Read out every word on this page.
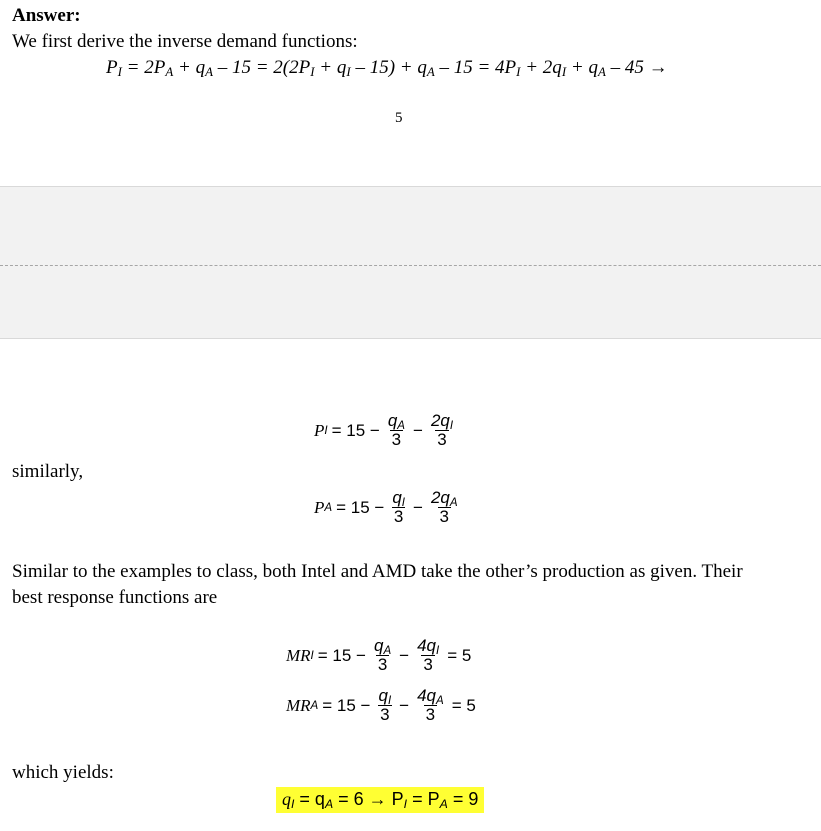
Answer:
We first derive the inverse demand functions:
$P_I = 2P_A + q_A - 15 = 2(2P_I + q_I - 15) + q_A - 15 = 4P_I + 2q_I + q_A - 45$ →
5
P $I = 15 - \frac{q_A}{3} - \frac{2q_I}{3}$
similarly,
P $A = 15 - \frac{q_I}{3} - \frac{2q_A}{3}$
Similar to the examples to class, both Intel and AMD take the other’s production as given. Their
best response functions are
MR $I = 15 - \frac{q_A}{3} - \frac{4q_I}{3} = 5$
MR $A = 15 - \frac{q_I}{3} - \frac{4q_A}{3} = 5$
which yields:
$q_I = q_A = 6 \to P_I = P_A = 9$
